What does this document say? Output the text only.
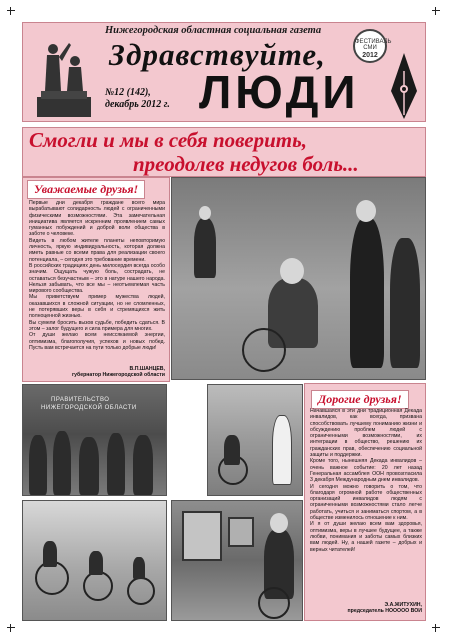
Нижегородская областная социальная газета
Здравствуйте,
ЛЮДИ
№12 (142),
декабрь 2012 г.
ФЕСТИВАЛЬ СМИ
2012
Смогли и мы в себя поверить,
преодолев недугов боль...
Уважаемые друзья!

Первые дни декабря граждане всего мира вырабатывают солидарность людей с ограниченными физическими возможностями. Эта замечательная инициатива является искренним проявлением самых гуманных побуждений и доброй воли общества в заботе о человеке.

Видеть в любом жителе планеты неповторимую личность, яркую индивидуальность, которая должна иметь равные со всеми права для реализации своего потенциала, – сегодня это требование времени.

В российских традициях день милосердия всегда особо значим. Ощущать чужую боль, сострадать, не оставаться безучастным – это в натуре нашего народа. Нельзя забывать, что все мы – неотъемлемая часть мирового сообщества.

Мы приветствуем пример мужества людей, оказавшихся в сложной ситуации, но не сломленных, не потерявших веры в себя и стремящихся жить полноценной жизнью.

Вы сумели бросить вызов судьбе, победить сдаться. В этом – залог будущего и сила примера для многих.

От души желаю всем неиссякаемой энергии, оптимизма, благополучия, успехов и новых побед. Пусть вам встречается на пути только добрые люди!

В.П.ШАНЦЕВ,
губернатор Нижегородской области
ПРАВИТЕЛЬСТВО
НИЖЕГОРОДСКОЙ ОБЛАСТИ
Дорогие друзья!

Начавшаяся в эти дни традиционная Декада инвалидов, как всегда, призвана способствовать лучшему пониманию жизни и обсуждению проблем людей с ограниченными возможностями, их интеграции в общество, решению их гражданских прав, обеспечению социальной защиты и поддержки.

Кроме того, нынешняя Декада инвалидов – очень важное событие: 20 лет назад Генеральная ассамблея ООН провозгласила 3 декабря Международным днем инвалидов.

И сегодня можно говорить о том, что благодаря огромной работе общественных организаций инвалидов людям с ограниченными возможностями стало легче работать, учиться и заниматься спортом, а в обществе изменилось отношение к ним.

И я от души желаю всем вам здоровья, оптимизма, веры в лучшее будущее, а также любви, понимания и заботы самых близких вам людей. Ну, а нашей газете – добрых и верных читателей!

Э.А.ЖИТУХИН,
председатель НООООО ВОИ
